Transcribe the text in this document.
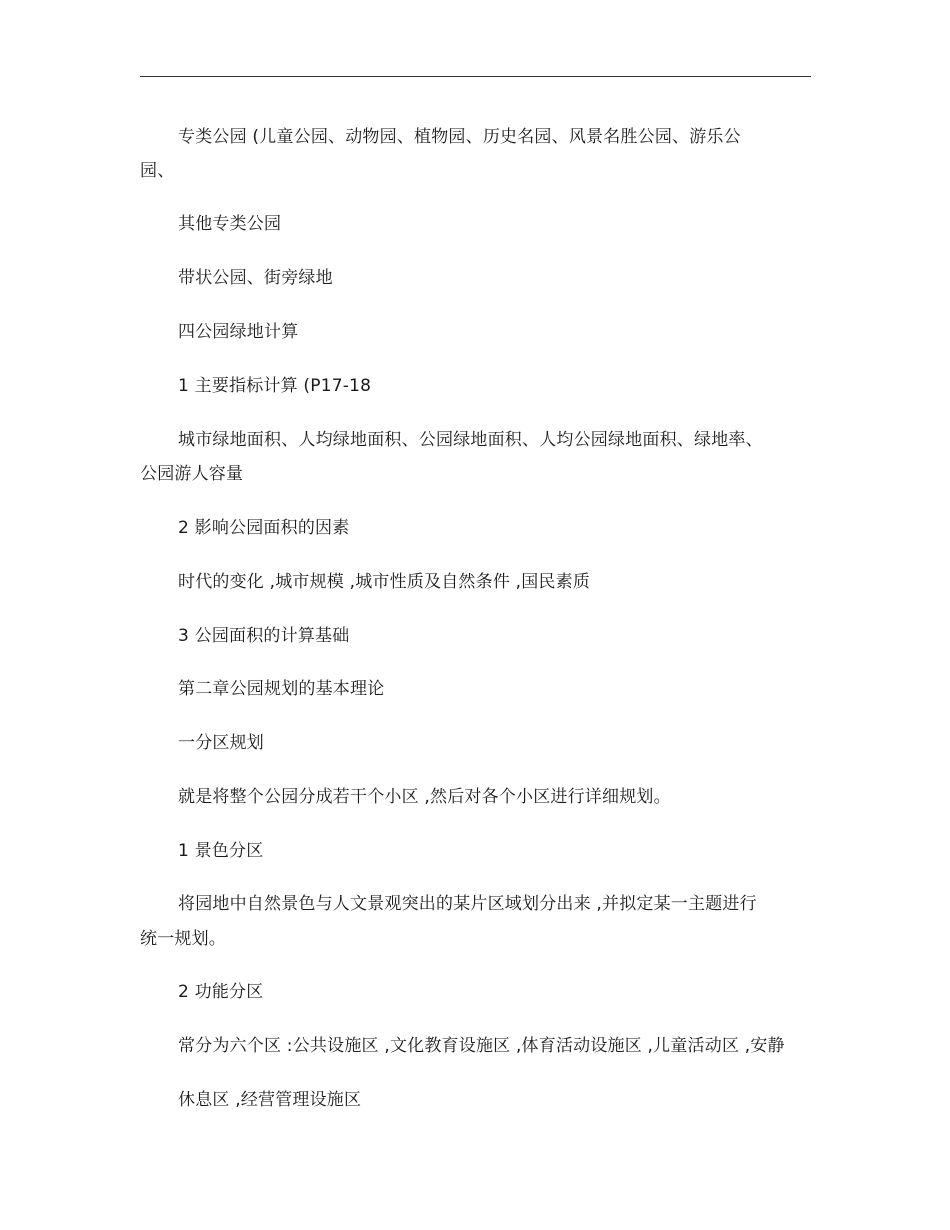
专类公园 (儿童公园、动物园、植物园、历史名园、风景名胜公园、游乐公
园、
其他专类公园
带状公园、街旁绿地
四公园绿地计算
1 主要指标计算 (P17-18
城市绿地面积、人均绿地面积、公园绿地面积、人均公园绿地面积、绿地率、
公园游人容量
2 影响公园面积的因素
时代的变化 ,城市规模 ,城市性质及自然条件 ,国民素质
3 公园面积的计算基础
第二章公园规划的基本理论
一分区规划
就是将整个公园分成若干个小区 ,然后对各个小区进行详细规划。
1 景色分区
将园地中自然景色与人文景观突出的某片区域划分出来 ,并拟定某一主题进行
统一规划。
2 功能分区
常分为六个区 :公共设施区 ,文化教育设施区 ,体育活动设施区 ,儿童活动区 ,安静
休息区 ,经营管理设施区
